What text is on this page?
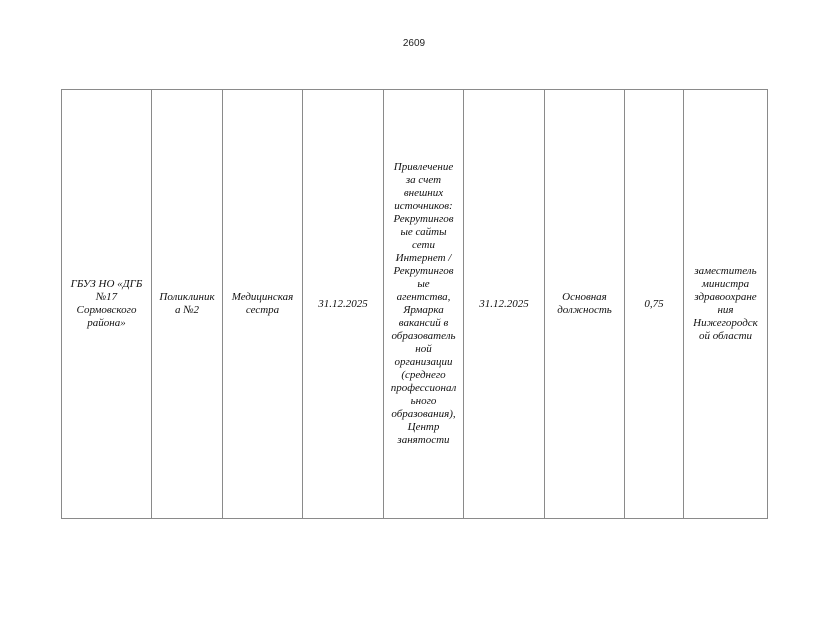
2609
ГБУЗ НО «ДГБ
№17
Сормовского
района»	Поликлиник
а №2	Медицинская
сестра	31.12.2025	Привлечение
за счет
внешних
источников:
Рекрутингов
ые сайты
сети
Интернет /
Рекрутингов
ые
агентства,
Ярмарка
вакансий в
образователь
ной
организации
(среднего
профессионал
ьного
образования),
Центр
занятости	31.12.2025	Основная
должность	0,75	заместитель
министра
здравоохране
ния
Нижегородск
ой области
